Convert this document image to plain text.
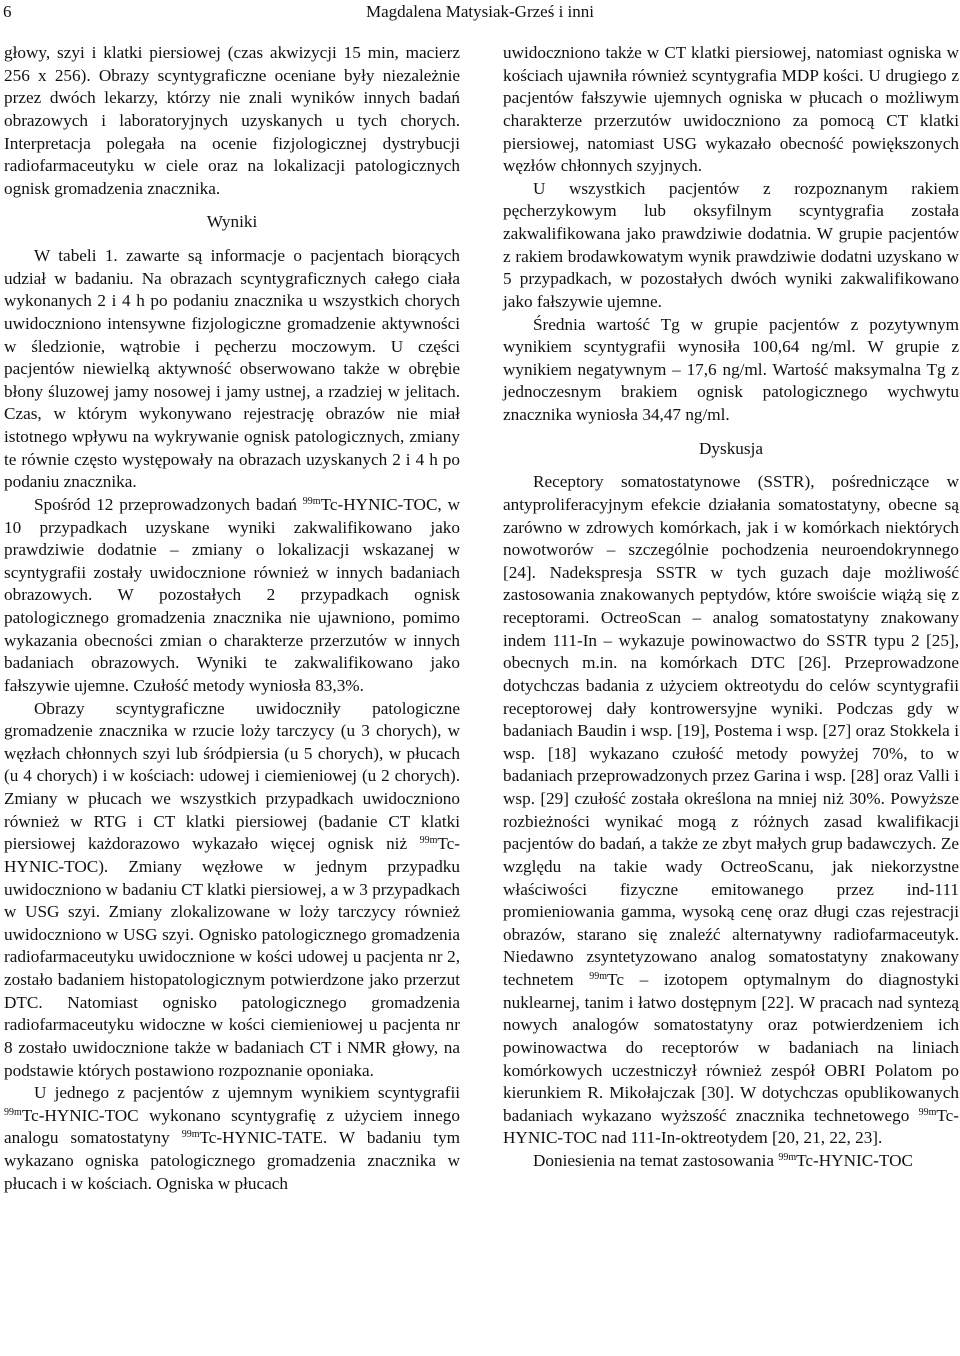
6	Magdalena Matysiak-Grześ i inni

głowy, szyi i klatki piersiowej (czas akwizycji 15 min, macierz 256 x 256). Obrazy scyntygraficzne oceniane były niezależnie przez dwóch lekarzy, którzy nie znali wyników innych badań obrazowych i laboratoryjnych uzyskanych u tych chorych. Interpretacja polegała na ocenie fizjologicznej dystrybucji radiofarmaceutyku w ciele oraz na lokalizacji patologicznych ognisk gromadzenia znacznika.

Wyniki

W tabeli 1. zawarte są informacje o pacjentach biorących udział w badaniu. Na obrazach scyntygraficznych całego ciała wykonanych 2 i 4 h po podaniu znacznika u wszystkich chorych uwidoczniono intensywne fizjologiczne gromadzenie aktywności w śledzionie, wątrobie i pęcherzu moczowym. U części pacjentów niewielką aktywność obserwowano także w obrębie błony śluzowej jamy nosowej i jamy ustnej, a rzadziej w jelitach. Czas, w którym wykonywano rejestrację obrazów nie miał istotnego wpływu na wykrywanie ognisk patologicznych, zmiany te równie często występowały na obrazach uzyskanych 2 i 4 h po podaniu znacznika.

Spośród 12 przeprowadzonych badań $^{99m}$Tc-HYNIC-TOC, w 10 przypadkach uzyskane wyniki zakwalifikowano jako prawdziwie dodatnie – zmiany o lokalizacji wskazanej w scyntygrafii zostały uwidocznione również w innych badaniach obrazowych. W pozostałych 2 przypadkach ognisk patologicznego gromadzenia znacznika nie ujawniono, pomimo wykazania obecności zmian o charakterze przerzutów w innych badaniach obrazowych. Wyniki te zakwalifikowano jako fałszywie ujemne. Czułość metody wyniosła 83,3%.

Obrazy scyntygraficzne uwidoczniły patologiczne gromadzenie znacznika w rzucie loży tarczycy (u 3 chorych), w węzłach chłonnych szyi lub śródpiersia (u 5 chorych), w płucach (u 4 chorych) i w kościach: udowej i ciemieniowej (u 2 chorych). Zmiany w płucach we wszystkich przypadkach uwidoczniono również w RTG i CT klatki piersiowej (badanie CT klatki piersiowej każdorazowo wykazało więcej ognisk niż $^{99m}$Tc-HYNIC-TOC). Zmiany węzłowe w jednym przypadku uwidoczniono w badaniu CT klatki piersiowej, a w 3 przypadkach w USG szyi. Zmiany zlokalizowane w loży tarczycy również uwidoczniono w USG szyi. Ognisko patologicznego gromadzenia radiofarmaceutyku uwidocznione w kości udowej u pacjenta nr 2, zostało badaniem histopatologicznym potwierdzone jako przerzut DTC. Natomiast ognisko patologicznego gromadzenia radiofarmaceutyku widoczne w kości ciemieniowej u pacjenta nr 8 zostało uwidocznione także w badaniach CT i NMR głowy, na podstawie których postawiono rozpoznanie oponiaka.

U jednego z pacjentów z ujemnym wynikiem scyntygrafii $^{99m}$Tc-HYNIC-TOC wykonano scyntygrafię z użyciem innego analogu somatostatyny $^{99m}$Tc-HYNIC-TATE. W badaniu tym wykazano ogniska patologicznego gromadzenia znacznika w płucach i w kościach. Ogniska w płucach

uwidoczniono także w CT klatki piersiowej, natomiast ogniska w kościach ujawniła również scyntygrafia MDP kości. U drugiego z pacjentów fałszywie ujemnych ogniska w płucach o możliwym charakterze przerzutów uwidoczniono za pomocą CT klatki piersiowej, natomiast USG wykazało obecność powiększonych węzłów chłonnych szyjnych.

U wszystkich pacjentów z rozpoznanym rakiem pęcherzykowym lub oksyfilnym scyntygrafia została zakwalifikowana jako prawdziwie dodatnia. W grupie pacjentów z rakiem brodawkowatym wynik prawdziwie dodatni uzyskano w 5 przypadkach, w pozostałych dwóch wyniki zakwalifikowano jako fałszywie ujemne.

Średnia wartość Tg w grupie pacjentów z pozytywnym wynikiem scyntygrafii wynosiła 100,64 ng/ml. W grupie z wynikiem negatywnym – 17,6 ng/ml. Wartość maksymalna Tg z jednoczesnym brakiem ognisk patologicznego wychwytu znacznika wyniosła 34,47 ng/ml.

Dyskusja

Receptory somatostatynowe (SSTR), pośredniczące w antyproliferacyjnym efekcie działania somatostatyny, obecne są zarówno w zdrowych komórkach, jak i w komórkach niektórych nowotworów – szczególnie pochodzenia neuroendokrynnego [24]. Nadekspresja SSTR w tych guzach daje możliwość zastosowania znakowanych peptydów, które swoiście wiążą się z receptorami. OctreoScan – analog somatostatyny znakowany indem 111-In – wykazuje powinowactwo do SSTR typu 2 [25], obecnych m.in. na komórkach DTC [26]. Przeprowadzone dotychczas badania z użyciem oktreotydu do celów scyntygrafii receptorowej dały kontrowersyjne wyniki. Podczas gdy w badaniach Baudin i wsp. [19], Postema i wsp. [27] oraz Stokkela i wsp. [18] wykazano czułość metody powyżej 70%, to w badaniach przeprowadzonych przez Garina i wsp. [28] oraz Valli i wsp. [29] czułość została określona na mniej niż 30%. Powyższe rozbieżności wynikać mogą z różnych zasad kwalifikacji pacjentów do badań, a także ze zbyt małych grup badawczych. Ze względu na takie wady OctreoScanu, jak niekorzystne właściwości fizyczne emitowanego przez ind-111 promieniowania gamma, wysoką cenę oraz długi czas rejestracji obrazów, starano się znaleźć alternatywny radiofarmaceutyk. Niedawno zsyntetyzowano analog somatostatyny znakowany technetem $^{99m}$Tc – izotopem optymalnym do diagnostyki nuklearnej, tanim i łatwo dostępnym [22]. W pracach nad syntezą nowych analogów somatostatyny oraz potwierdzeniem ich powinowactwa do receptorów w badaniach na liniach komórkowych uczestniczył również zespół OBRI Polatom po kierunkiem R. Mikołajczak [30]. W dotychczas opublikowanych badaniach wykazano wyższość znacznika technetowego $^{99m}$Tc-HYNIC-TOC nad 111-In-oktreotydem [20, 21, 22, 23].

Doniesienia na temat zastosowania $^{99m}$Tc-HYNIC-TOC
